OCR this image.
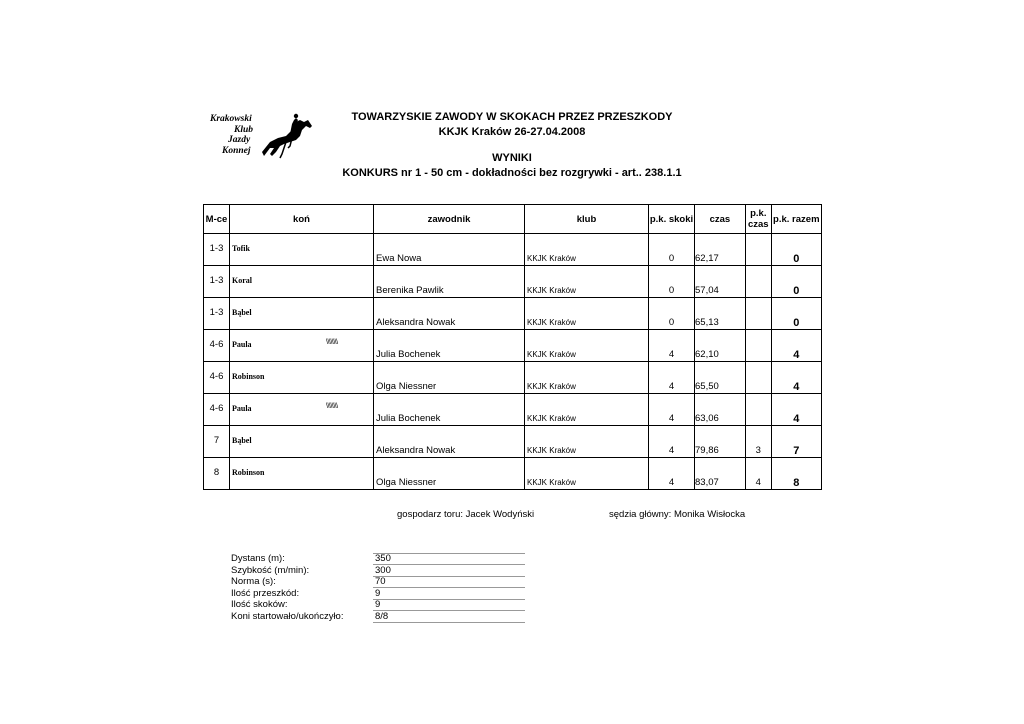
Krakowski
Klub
Jazdy
Konnej
TOWARZYSKIE ZAWODY W SKOKACH PRZEZ PRZESZKODY
KKJK Kraków 26-27.04.2008
WYNIKI
KONKURS nr 1 - 50 cm - dokładności bez rozgrywki - art.. 238.1.1
M-ce	koń	zawodnik	klub	p.k. skoki	czas	p.k. czas	p.k. razem
1-3	Tofik	Ewa Nowa	KKJK Kraków	0	62,17		0
1-3	Koral	Berenika Pawlik	KKJK Kraków	0	57,04		0
1-3	Bąbel	Aleksandra Nowak	KKJK Kraków	0	65,13		0
4-6	Paula \\\\\\\\	Julia Bochenek	KKJK Kraków	4	62,10		4
4-6	Robinson	Olga Niessner	KKJK Kraków	4	65,50		4
4-6	Paula \\\\\\\\	Julia Bochenek	KKJK Kraków	4	63,06		4
7	Bąbel	Aleksandra Nowak	KKJK Kraków	4	79,86	3	7
8	Robinson	Olga Niessner	KKJK Kraków	4	83,07	4	8
gospodarz toru: Jacek Wodyński	sędzia główny: Monika Wisłocka
Dystans (m):	350
Szybkość (m/min):	300
Norma (s):	70
Ilość przeszkód:	9
Ilość skoków:	9
Koni startowało/ukończyło:	8/8
